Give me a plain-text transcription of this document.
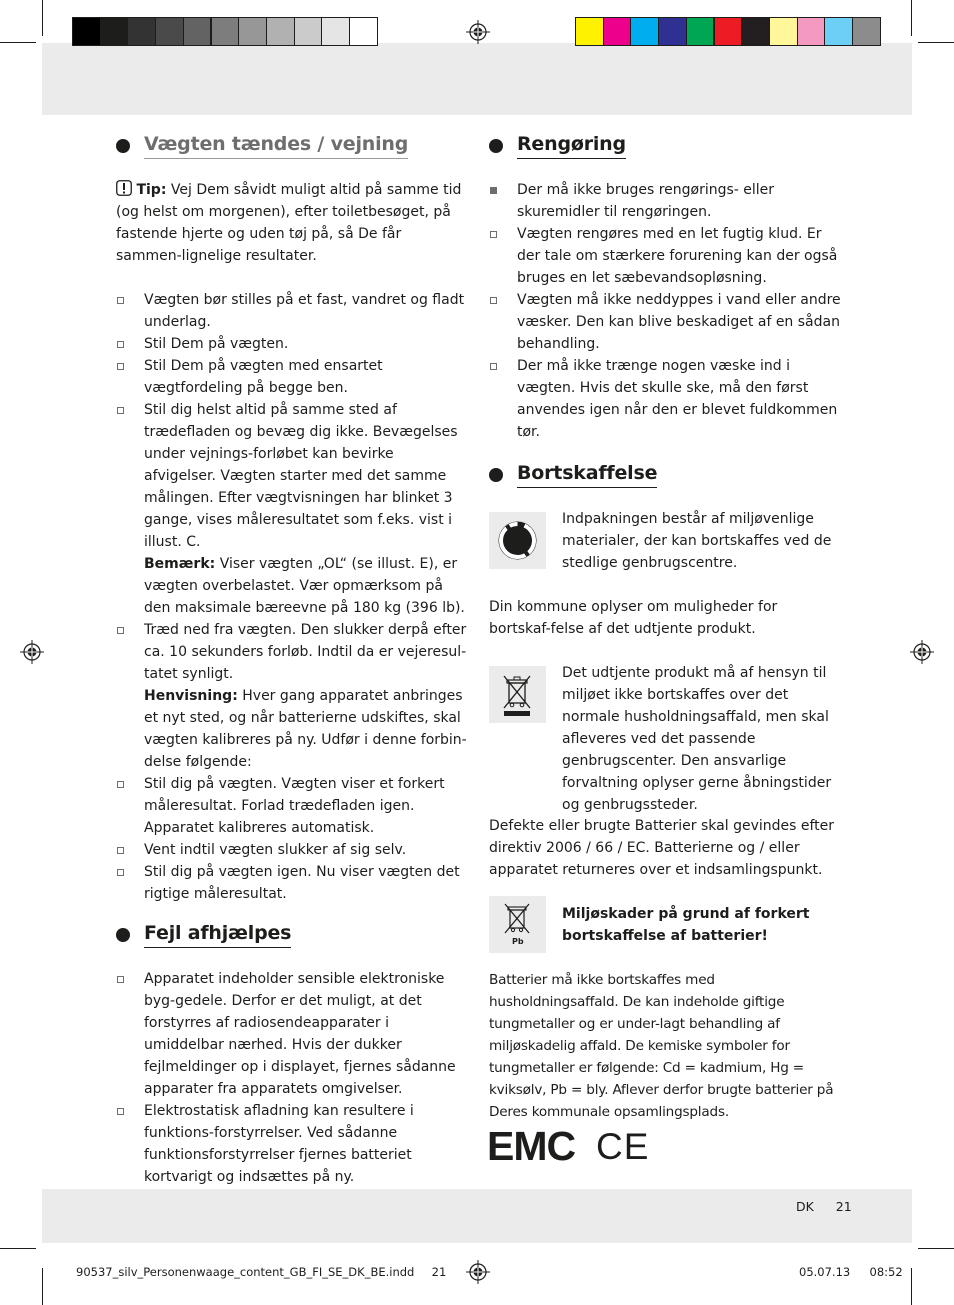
Vægten tændes / vejning
Tip: Vej Dem såvidt muligt altid på samme tid (og helst om morgenen), efter toiletbesøget, på fastende hjerte og uden tøj på, så De får sammen-lignelige resultater.
Vægten bør stilles på et fast, vandret og fladt underlag.
Stil Dem på vægten.
Stil Dem på vægten med ensartet vægtfordeling på begge ben.
Stil dig helst altid på samme sted af trædefladen og bevæg dig ikke. Bevægelses under vejnings-forløbet kan bevirke afvigelser. Vægten starter med det samme målingen. Efter vægtvisningen har blinket 3 gange, vises måleresultatet som f.eks. vist i illust. C.
Bemærk: Viser vægten „OL“ (se illust. E), er vægten overbelastet. Vær opmærksom på den maksimale bæreevne på 180 kg (396 lb).
Træd ned fra vægten. Den slukker derpå efter ca. 10 sekunders forløb. Indtil da er vejeresul-tatet synligt.
Henvisning: Hver gang apparatet anbringes et nyt sted, og når batterierne udskiftes, skal vægten kalibreres på ny. Udfør i denne forbin-delse følgende:
Stil dig på vægten. Vægten viser et forkert måleresultat. Forlad trædefladen igen. Apparatet kalibreres automatisk.
Vent indtil vægten slukker af sig selv.
Stil dig på vægten igen. Nu viser vægten det rigtige måleresultat.
Fejl afhjælpes
Apparatet indeholder sensible elektroniske byg-gedele. Derfor er det muligt, at det forstyrres af radiosendeapparater i umiddelbar nærhed. Hvis der dukker fejlmeldinger op i displayet, fjernes sådanne apparater fra apparatets omgivelser.
Elektrostatisk afladning kan resultere i funktions-forstyrrelser. Ved sådanne funktionsforstyrrelser fjernes batteriet kortvarigt og indsættes på ny.
Rengøring
Der må ikke bruges rengørings- eller skuremidler til rengøringen.
Vægten rengøres med en let fugtig klud. Er der tale om stærkere forurening kan der også bruges en let sæbevandsopløsning.
Vægten må ikke neddyppes i vand eller andre væsker. Den kan blive beskadiget af en sådan behandling.
Der må ikke trænge nogen væske ind i vægten. Hvis det skulle ske, må den først anvendes igen når den er blevet fuldkommen tør.
Bortskaffelse
Indpakningen består af miljøvenlige materialer, der kan bortskaffes ved de stedlige genbrugscentre.
Din kommune oplyser om muligheder for bortskaf-felse af det udtjente produkt.
Det udtjente produkt må af hensyn til miljøet ikke bortskaffes over det normale husholdningsaffald, men skal afleveres ved det passende genbrugscenter. Den ansvarlige forvaltning oplyser gerne åbningstider og genbrugssteder.
Defekte eller brugte Batterier skal gevindes efter direktiv 2006 / 66 / EC. Batterierne og / eller apparatet returneres over et indsamlingspunkt.
Pb
Miljøskader på grund af forkert bortskaffelse af batterier!
Batterier må ikke bortskaffes med husholdningsaffald. De kan indeholde giftige tungmetaller og er under-lagt behandling af miljøskadelig affald. De kemiske symboler for tungmetaller er følgende: Cd = kadmium, Hg = kviksølv, Pb = bly. Aflever derfor brugte batterier på Deres kommunale opsamlingsplads.
EMC CE
DK 21
90537_silv_Personenwaage_content_GB_FI_SE_DK_BE.indd 21	05.07.13 08:52
